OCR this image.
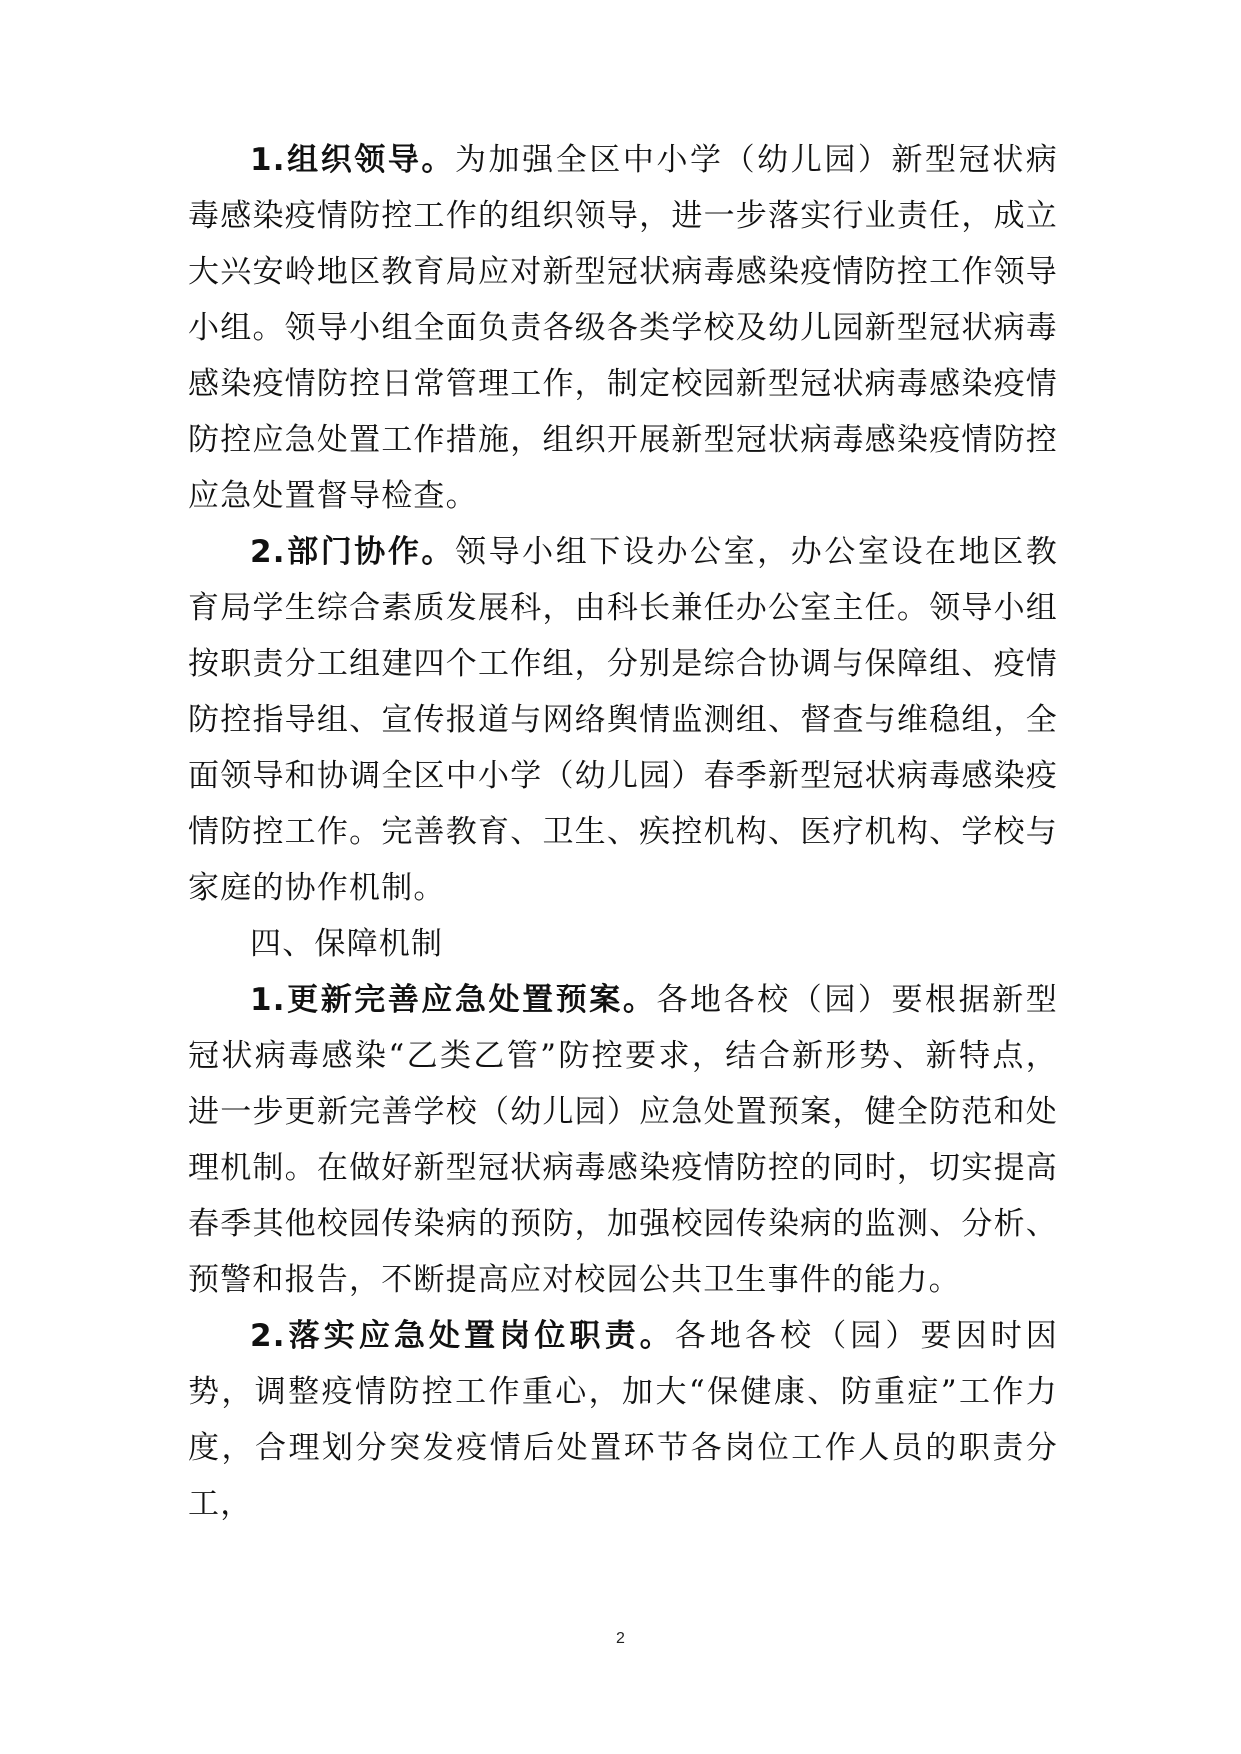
1.组织领导。为加强全区中小学（幼儿园）新型冠状病毒感染疫情防控工作的组织领导，进一步落实行业责任，成立大兴安岭地区教育局应对新型冠状病毒感染疫情防控工作领导小组。领导小组全面负责各级各类学校及幼儿园新型冠状病毒感染疫情防控日常管理工作，制定校园新型冠状病毒感染疫情防控应急处置工作措施，组织开展新型冠状病毒感染疫情防控应急处置督导检查。

2.部门协作。领导小组下设办公室，办公室设在地区教育局学生综合素质发展科，由科长兼任办公室主任。领导小组按职责分工组建四个工作组，分别是综合协调与保障组、疫情防控指导组、宣传报道与网络舆情监测组、督查与维稳组，全面领导和协调全区中小学（幼儿园）春季新型冠状病毒感染疫情防控工作。完善教育、卫生、疾控机构、医疗机构、学校与家庭的协作机制。

四、保障机制

1.更新完善应急处置预案。各地各校（园）要根据新型冠状病毒感染“乙类乙管”防控要求，结合新形势、新特点，进一步更新完善学校（幼儿园）应急处置预案，健全防范和处理机制。在做好新型冠状病毒感染疫情防控的同时，切实提高春季其他校园传染病的预防，加强校园传染病的监测、分析、预警和报告，不断提高应对校园公共卫生事件的能力。

2.落实应急处置岗位职责。各地各校（园）要因时因势，调整疫情防控工作重心，加大“保健康、防重症”工作力度，合理划分突发疫情后处置环节各岗位工作人员的职责分工，

2
